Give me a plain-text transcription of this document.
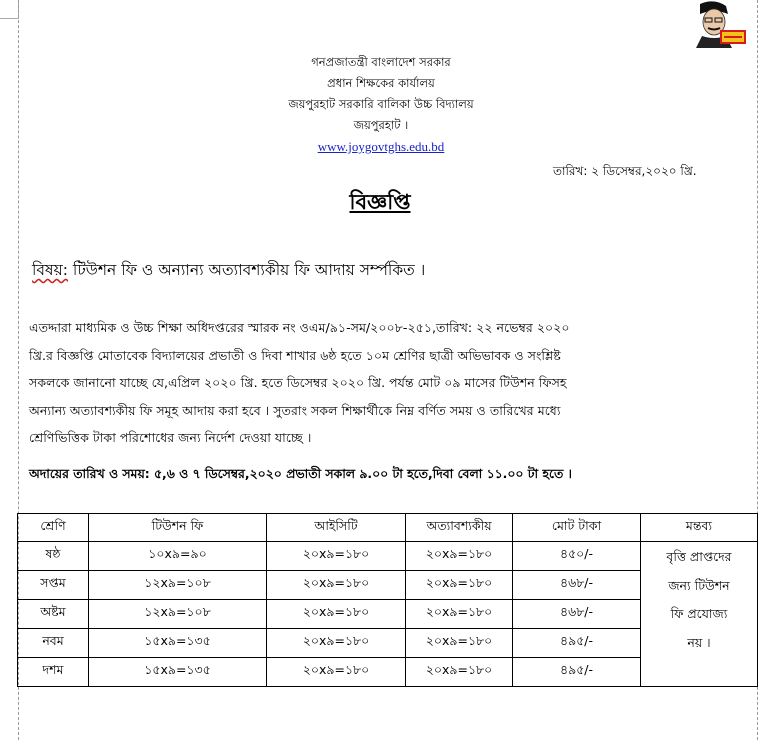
গনপ্রজাতন্ত্রী বাংলাদেশ সরকার
প্রধান শিক্ষকের কার্যালয়
জয়পুরহাট সরকারি বালিকা উচ্চ বিদ্যালয়
জয়পুরহাট ।
www.joygovtghs.edu.bd
তারিখ: ২ ডিসেম্বর,২০২০ খ্রি.
বিজ্ঞপ্তি
বিষয়: টিউশন ফি ও অন্যান্য অত্যাবশ্যকীয় ফি আদায় সর্ম্পকিত ।
এতদ্দারা মাধ্যমিক ও উচ্চ শিক্ষা অধিদপ্তরের স্মারক নং ওএম/৯১-সম/২০০৮-২৫১,তারিখ: ২২ নভেম্বর ২০২০
খ্রি.র বিজ্ঞপ্তি মোতাবেক বিদ্যালয়ের প্রভাতী ও দিবা শাখার ৬ষ্ঠ হতে ১০ম শ্রেণির ছাত্রী অভিভাবক ও সংশ্লিষ্ট
সকলকে জানানো যাচ্ছে যে,এপ্রিল ২০২০ খ্রি. হতে ডিসেম্বর ২০২০ খ্রি. পর্যন্ত মোট ০৯ মাসের টিউশন ফিসহ
অন্যান্য অত্যাবশ্যকীয় ফি সমূহ আদায় করা হবে । সুতরাং সকল শিক্ষার্থীকে নিম্ন বর্ণিত সময় ও তারিখের মধ্যে
শ্রেণিভিত্তিক টাকা পরিশোধের জন্য নির্দেশ দেওয়া যাচ্ছে ।
অদায়ের তারিখ ও সময়: ৫,৬ ও ৭ ডিসেম্বর,২০২০ প্রভাতী সকাল ৯.০০ টা হতে,দিবা বেলা ১১.০০ টা হতে ।
শ্রেণি	টিউশন ফি	আইসিটি	অত্যাবশ্যকীয়	মোট টাকা	মন্তব্য
ষষ্ঠ	১০x৯=৯০	২০x৯=১৮০	২০x৯=১৮০	৪৫০/-	বৃত্তি প্রাপ্তদের
জন্য টিউশন
ফি প্রযোজ্য
নয় ।

সপ্তম	১২x৯=১০৮	২০x৯=১৮০	২০x৯=১৮০	৪৬৮/-	
অষ্টম	১২x৯=১০৮	২০x৯=১৮০	২০x৯=১৮০	৪৬৮/-	
নবম	১৫x৯=১৩৫	২০x৯=১৮০	২০x৯=১৮০	৪৯৫/-	
দশম	১৫x৯=১৩৫	২০x৯=১৮০	২০x৯=১৮০	৪৯৫/-	
